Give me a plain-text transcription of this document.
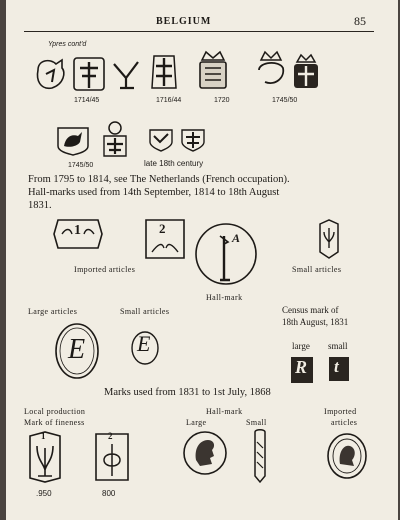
BELGIUM	85
Ypres cont'd
1714/45	1716/44	1720	1745/50
1745/50	late 18th century
From 1795 to 1814, see The Netherlands (French occupation).
Hall-marks used from 14th September, 1814 to 18th August
1831.
1	2
A
Imported articles	Small articles
Hall-mark
Large articles	Small articles	Census mark of
18th August, 1831
E E	large small
R t
Marks used from 1831 to 1st July, 1868
Local production
Mark of fineness
Hall-mark
Large	Small
Imported
articles
1	2
.950	800
